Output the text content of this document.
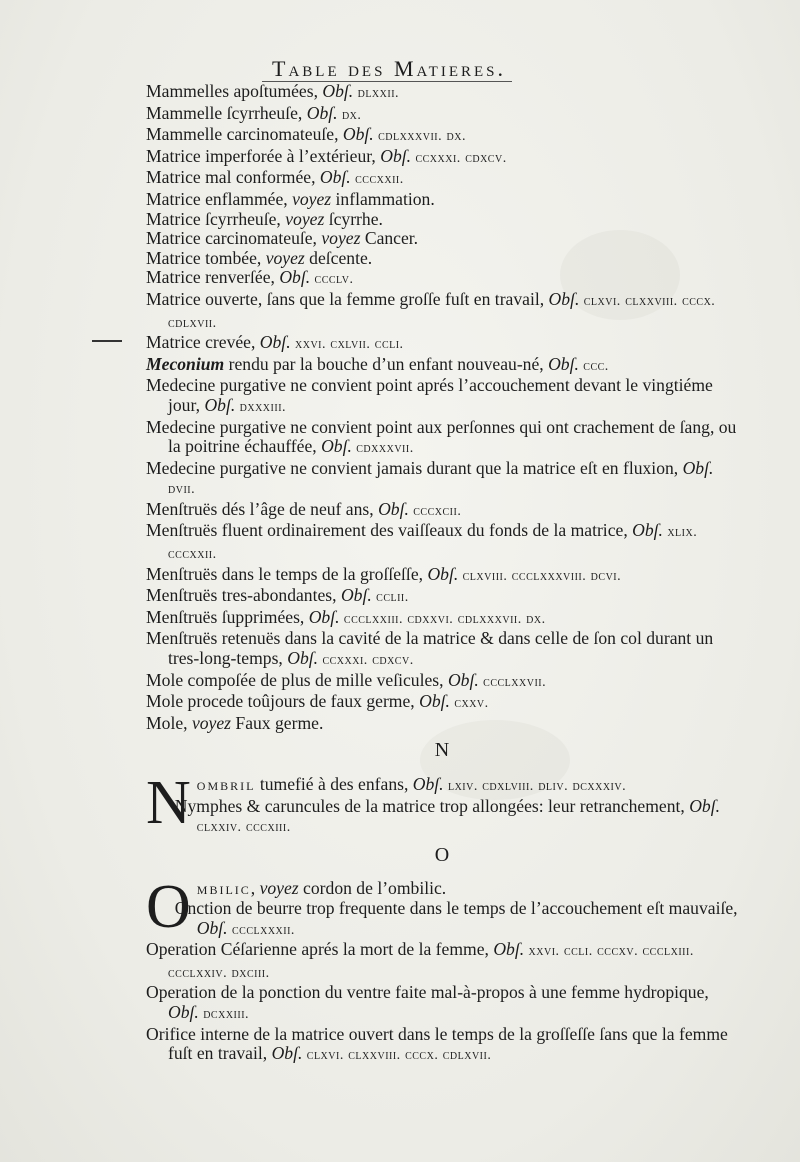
Table des Matieres.

Mammelles apoſtumées, Obſ. dlxxii.

Mammelle ſcyrrheuſe, Obſ. dx.

Mammelle carcinomateuſe, Obſ. cdlxxxvii. dx.

Matrice imperforée à l’extérieur, Obſ. ccxxxi. cdxcv.

Matrice mal conformée, Obſ. cccxxii.

Matrice enflammée, voyez inflammation.

Matrice ſcyrrheuſe, voyez ſcyrrhe.

Matrice carcinomateuſe, voyez Cancer.

Matrice tombée, voyez deſcente.

Matrice renverſée, Obſ. ccclv.

Matrice ouverte, ſans que la femme groſſe fuſt en travail, Obſ. clxvi. clxxviii. cccx. cdlxvii.

Matrice crevée, Obſ. xxvi. cxlvii. ccli.

Meconium rendu par la bouche d’un enfant nouveau-né, Obſ. ccc.

Medecine purgative ne convient point aprés l’accouchement devant le vingtiéme jour, Obſ. dxxxiii.

Medecine purgative ne convient point aux perſonnes qui ont crachement de ſang, ou la poitrine échauffée, Obſ. cdxxxvii.

Medecine purgative ne convient jamais durant que la matrice eſt en fluxion, Obſ. dvii.

Menſtruës dés l’âge de neuf ans, Obſ. cccxcii.

Menſtruës fluent ordinairement des vaiſſeaux du fonds de la matrice, Obſ. xlix. cccxxii.

Menſtruës dans le temps de la groſſeſſe, Obſ. clxviii. ccclxxxviii. dcvi.

Menſtruës tres-abondantes, Obſ. cclii.

Menſtruës ſupprimées, Obſ. ccclxxiii. cdxxvi. cdlxxxvii. dx.

Menſtruës retenuës dans la cavité de la matrice & dans celle de ſon col durant un tres-long-temps, Obſ. ccxxxi. cdxcv.

Mole compoſée de plus de mille veſicules, Obſ. ccclxxvii.

Mole procede toûjours de faux germe, Obſ. cxxv.

Mole, voyez Faux germe.

N

Nombril tumefié à des enfans, Obſ. lxiv. cdxlviii. dliv. dcxxxiv.

Nymphes & caruncules de la matrice trop allongées: leur retranchement, Obſ. clxxiv. cccxiii.

O

Ombilic, voyez cordon de l’ombilic.

Onction de beurre trop frequente dans le temps de l’accouchement eſt mauvaiſe, Obſ. ccclxxxii.

Operation Céſarienne aprés la mort de la femme, Obſ. xxvi. ccli. cccxv. ccclxiii. ccclxxiv. dxciii.

Operation de la ponction du ventre faite mal-à-propos à une femme hydropique, Obſ. dcxxiii.

Orifice interne de la matrice ouvert dans le temps de la groſſeſſe ſans que la femme fuſt en travail, Obſ. clxvi. clxxviii. cccx. cdlxvii.
